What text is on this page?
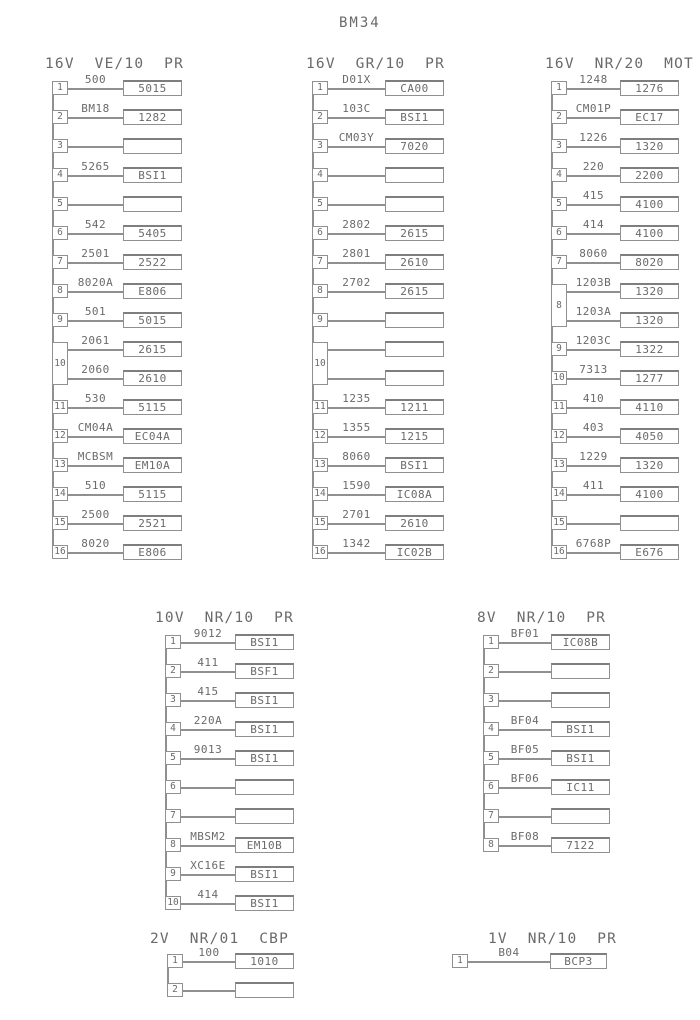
BM34
16V  VE/10  PR
1
500
5015
2
BM18
1282
3
4
5265
BSI1
5
6
542
5405
7
2501
2522
8
8020A
E806
9
501
5015
10
2061
2615
2060
2610
11
530
5115
12
CM04A
EC04A
13
MCBSM
EM10A
14
510
5115
15
2500
2521
16
8020
E806
16V  GR/10  PR
1
D01X
CA00
2
103C
BSI1
3
CM03Y
7020
4
5
6
2802
2615
7
2801
2610
8
2702
2615
9
10
11
1235
1211
12
1355
1215
13
8060
BSI1
14
1590
IC08A
15
2701
2610
16
1342
IC02B
16V  NR/20  MOT
1
1248
1276
2
CM01P
EC17
3
1226
1320
4
220
2200
5
415
4100
6
414
4100
7
8060
8020
8
1203B
1320
1203A
1320
9
1203C
1322
10
7313
1277
11
410
4110
12
403
4050
13
1229
1320
14
411
4100
15
16
6768P
E676
10V  NR/10  PR
1
9012
BSI1
2
411
BSF1
3
415
BSI1
4
220A
BSI1
5
9013
BSI1
6
7
8
MBSM2
EM10B
9
XC16E
BSI1
10
414
BSI1
8V  NR/10  PR
1
BF01
IC08B
2
3
4
BF04
BSI1
5
BF05
BSI1
6
BF06
IC11
7
8
BF08
7122
2V  NR/01  CBP
1
100
1010
2
1V  NR/10  PR
1
B04
BCP3
